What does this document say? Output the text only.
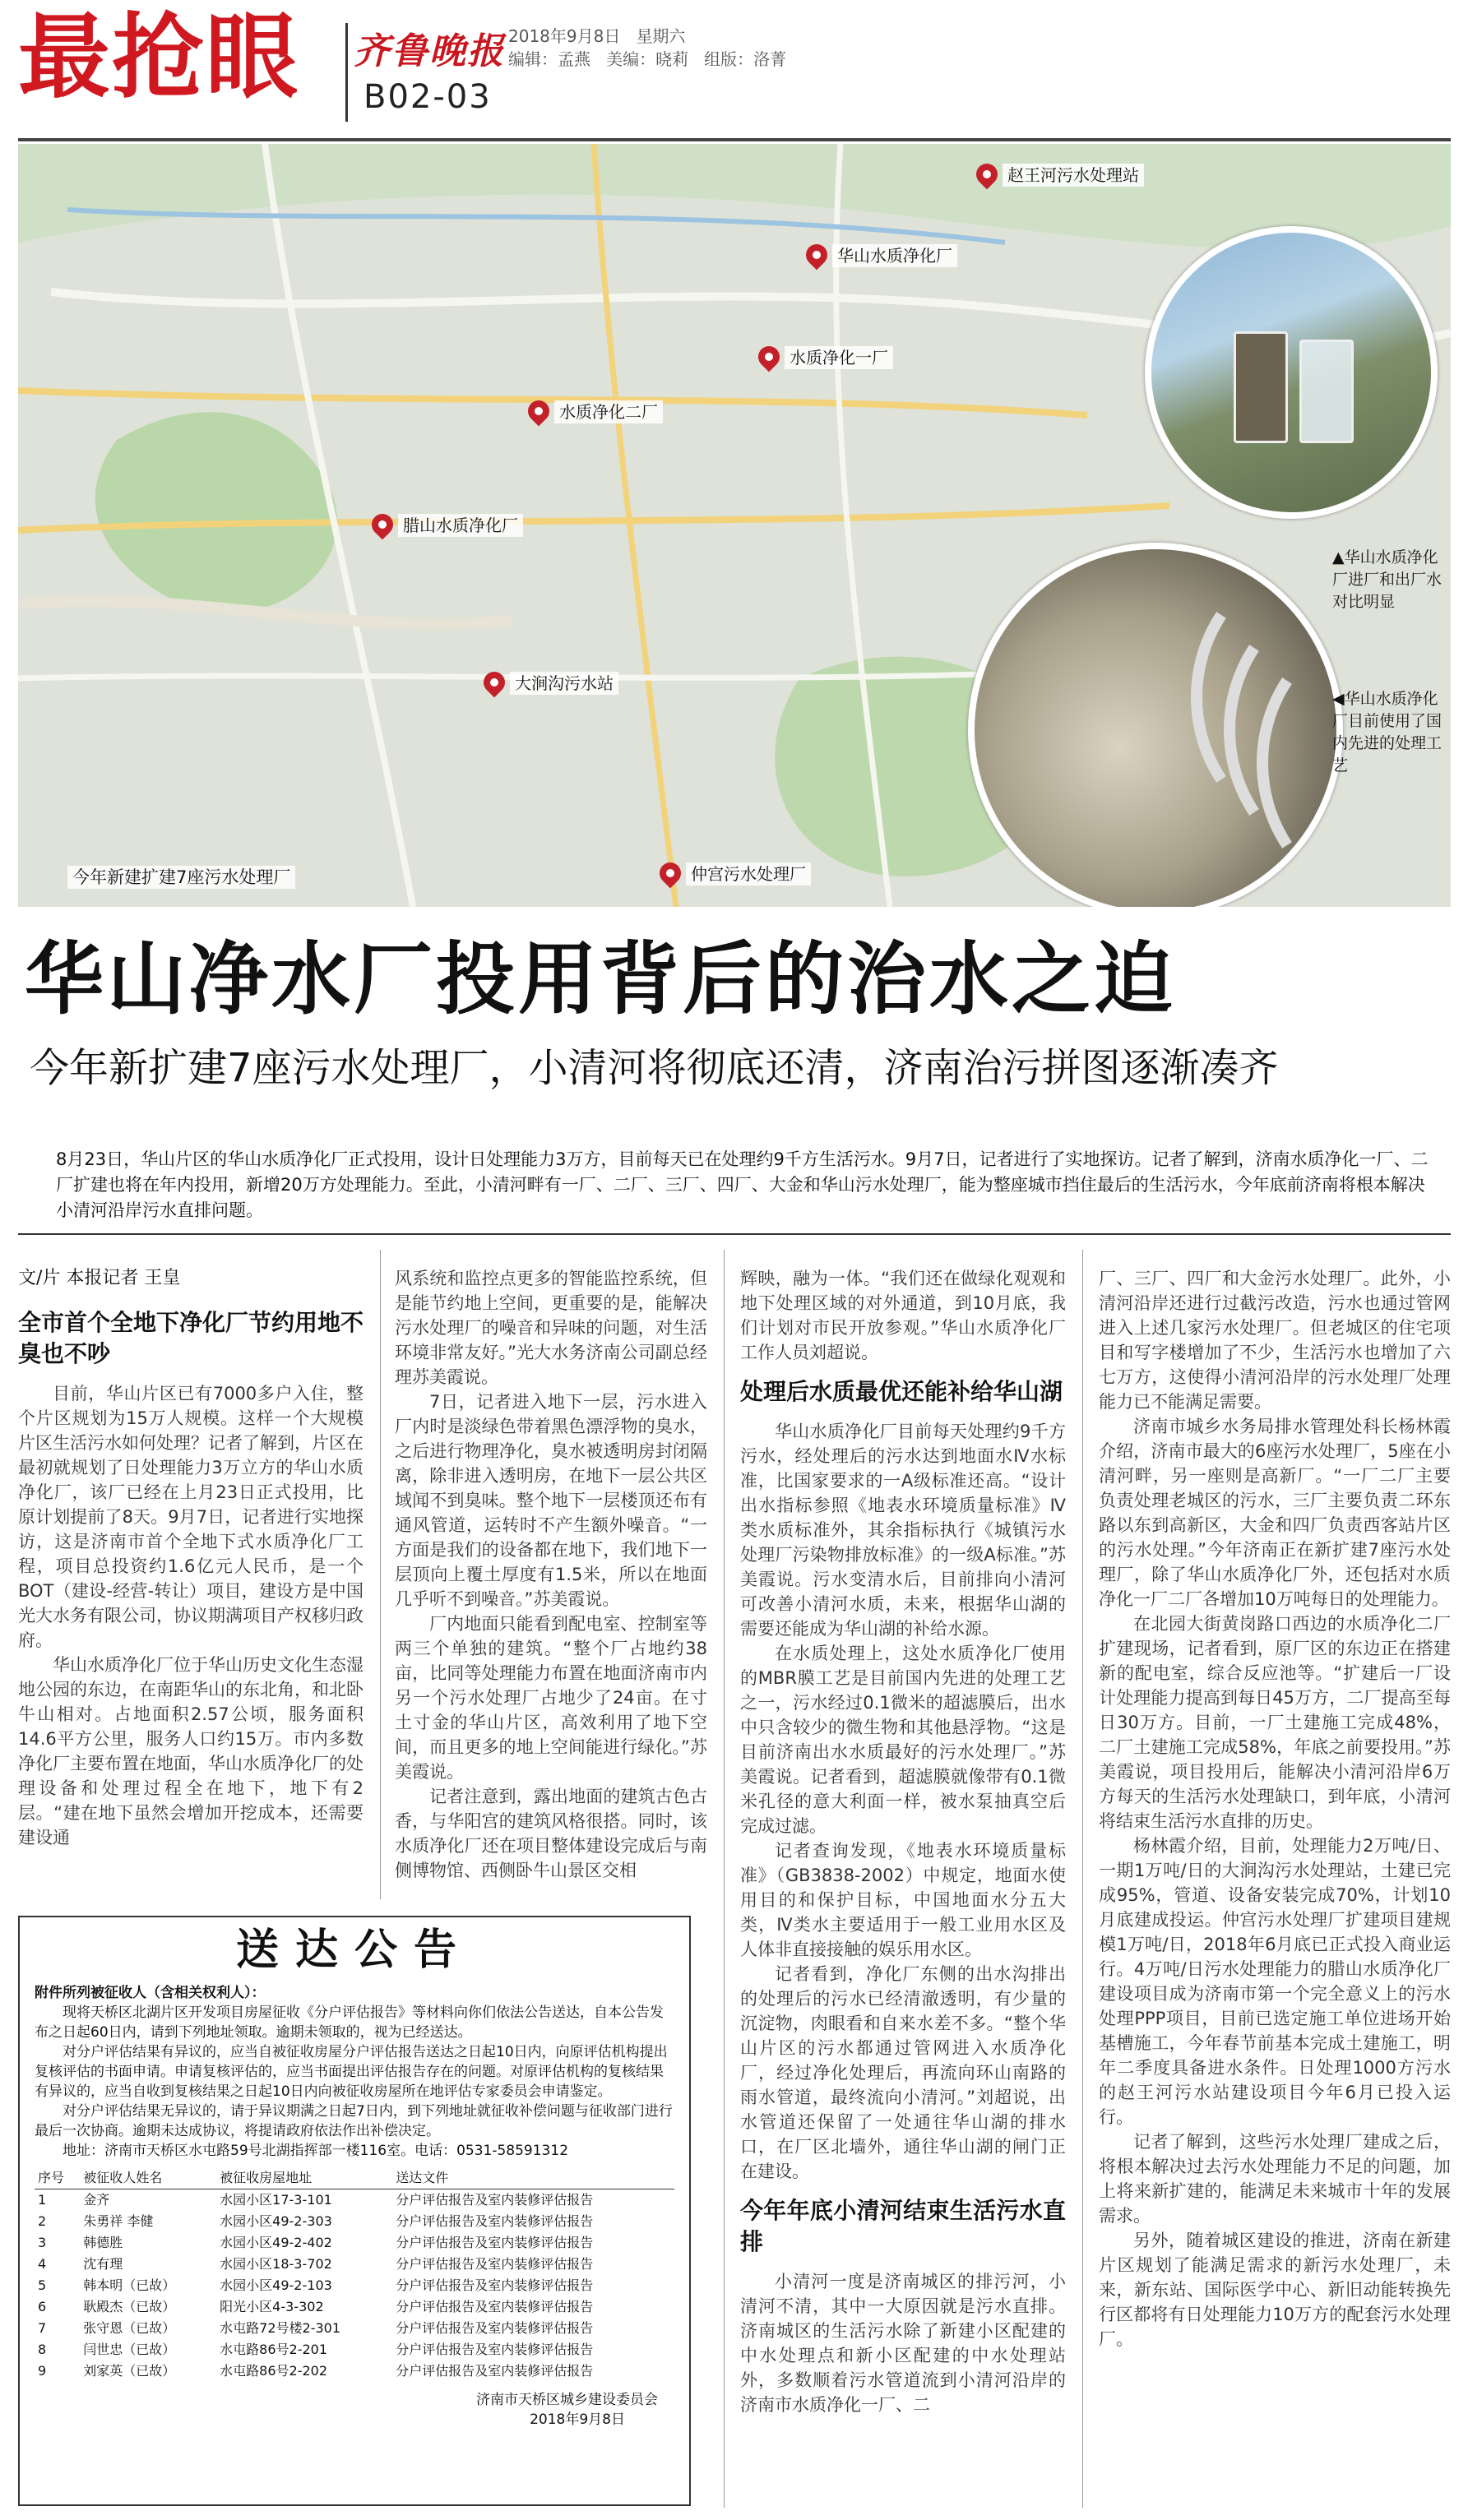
最抢眼 齐鲁晚报 2018年9月8日 星期六
编辑：孟燕 美编：晓莉 组版：洛菁
B02-03
赵王河污水处理站
华山水质净化厂
水质净化一厂
水质净化二厂
腊山水质净化厂
大涧沟污水站
仲宫污水处理厂
今年新建扩建7座污水处理厂
▲华山水质净化厂进厂和出厂水对比明显
◀华山水质净化厂目前使用了国内先进的处理工艺
华山净水厂投用背后的治水之迫
今年新扩建7座污水处理厂，小清河将彻底还清，济南治污拼图逐渐凑齐
8月23日，华山片区的华山水质净化厂正式投用，设计日处理能力3万方，目前每天已在处理约9千方生活污水。9月7日，记者进行了实地探访。记者了解到，济南水质净化一厂、二厂扩建也将在年内投用，新增20万方处理能力。至此，小清河畔有一厂、二厂、三厂、四厂、大金和华山污水处理厂，能为整座城市挡住最后的生活污水，今年底前济南将根本解决小清河沿岸污水直排问题。
文/片 本报记者 王皇
全市首个全地下净化厂节约用地不臭也不吵

目前，华山片区已有7000多户入住，整个片区规划为15万人规模。这样一个大规模片区生活污水如何处理？记者了解到，片区在最初就规划了日处理能力3万立方的华山水质净化厂，该厂已经在上月23日正式投用，比原计划提前了8天。9月7日，记者进行实地探访，这是济南市首个全地下式水质净化厂工程，项目总投资约1.6亿元人民币，是一个BOT（建设-经营-转让）项目，建设方是中国光大水务有限公司，协议期满项目产权移归政府。

华山水质净化厂位于华山历史文化生态湿地公园的东边，在南距华山的东北角，和北卧牛山相对。占地面积2.57公顷，服务面积14.6平方公里，服务人口约15万。市内多数净化厂主要布置在地面，华山水质净化厂的处理设备和处理过程全在地下，地下有2层。“建在地下虽然会增加开挖成本，还需要建设通

风系统和监控点更多的智能监控系统，但是能节约地上空间，更重要的是，能解决污水处理厂的噪音和异味的问题，对生活环境非常友好。”光大水务济南公司副总经理苏美霞说。

7日，记者进入地下一层，污水进入厂内时是淡绿色带着黑色漂浮物的臭水，之后进行物理净化，臭水被透明房封闭隔离，除非进入透明房，在地下一层公共区域闻不到臭味。整个地下一层楼顶还布有通风管道，运转时不产生额外噪音。“一方面是我们的设备都在地下，我们地下一层顶向上覆土厚度有1.5米，所以在地面几乎听不到噪音。”苏美霞说。

厂内地面只能看到配电室、控制室等两三个单独的建筑。“整个厂占地约38亩，比同等处理能力布置在地面济南市内另一个污水处理厂占地少了24亩。在寸土寸金的华山片区，高效利用了地下空间，而且更多的地上空间能进行绿化。”苏美霞说。

记者注意到，露出地面的建筑古色古香，与华阳宫的建筑风格很搭。同时，该水质净化厂还在项目整体建设完成后与南侧博物馆、西侧卧牛山景区交相

送达公告
附件所列被征收人（含相关权利人）：
现将天桥区北湖片区开发项目房屋征收《分户评估报告》等材料向你们依法公告送达，自本公告发布之日起60日内，请到下列地址领取。逾期未领取的，视为已经送达。
对分户评估结果有异议的，应当自被征收房屋分户评估报告送达之日起10日内，向原评估机构提出复核评估的书面申请。申请复核评估的，应当书面提出评估报告存在的问题。对原评估机构的复核结果有异议的，应当自收到复核结果之日起10日内向被征收房屋所在地评估专家委员会申请鉴定。
对分户评估结果无异议的，请于异议期满之日起7日内，到下列地址就征收补偿问题与征收部门进行最后一次协商。逾期未达成协议，将提请政府依法作出补偿决定。
地址：济南市天桥区水屯路59号北湖指挥部一楼116室。电话：0531-58591312
序号	被征收人姓名	被征收房屋地址	送达文件
1	金齐	水园小区17-3-101	分户评估报告及室内装修评估报告
2	朱勇祥 李健	水园小区49-2-303	分户评估报告及室内装修评估报告
3	韩德胜	水园小区49-2-402	分户评估报告及室内装修评估报告
4	沈有理	水园小区18-3-702	分户评估报告及室内装修评估报告
5	韩本明（已故）	水园小区49-2-103	分户评估报告及室内装修评估报告
6	耿殿杰（已故）	阳光小区4-3-302	分户评估报告及室内装修评估报告
7	张守恩（已故）	水屯路72号楼2-301	分户评估报告及室内装修评估报告
8	闫世忠（已故）	水屯路86号2-201	分户评估报告及室内装修评估报告
9	刘家英（已故）	水屯路86号2-202	分户评估报告及室内装修评估报告
济南市天桥区城乡建设委员会
2018年9月8日

辉映，融为一体。“我们还在做绿化观观和地下处理区域的对外通道，到10月底，我们计划对市民开放参观。”华山水质净化厂工作人员刘超说。

处理后水质最优还能补给华山湖

华山水质净化厂目前每天处理约9千方污水，经处理后的污水达到地面水Ⅳ水标准，比国家要求的一A级标准还高。“设计出水指标参照《地表水环境质量标准》Ⅳ类水质标准外，其余指标执行《城镇污水处理厂污染物排放标准》的一级A标准。”苏美霞说。污水变清水后，目前排向小清河可改善小清河水质，未来，根据华山湖的需要还能成为华山湖的补给水源。

在水质处理上，这处水质净化厂使用的MBR膜工艺是目前国内先进的处理工艺之一，污水经过0.1微米的超滤膜后，出水中只含较少的微生物和其他悬浮物。“这是目前济南出水水质最好的污水处理厂。”苏美霞说。记者看到，超滤膜就像带有0.1微米孔径的意大利面一样，被水泵抽真空后完成过滤。

记者查询发现，《地表水环境质量标准》（GB3838-2002）中规定，地面水使用目的和保护目标，中国地面水分五大类，Ⅳ类水主要适用于一般工业用水区及人体非直接接触的娱乐用水区。

记者看到，净化厂东侧的出水沟排出的处理后的污水已经清澈透明，有少量的沉淀物，肉眼看和自来水差不多。“整个华山片区的污水都通过管网进入水质净化厂，经过净化处理后，再流向环山南路的雨水管道，最终流向小清河。”刘超说，出水管道还保留了一处通往华山湖的排水口，在厂区北墙外，通往华山湖的闸门正在建设。

今年年底小清河结束生活污水直排

小清河一度是济南城区的排污河，小清河不清，其中一大原因就是污水直排。济南城区的生活污水除了新建小区配建的中水处理点和新小区配建的中水处理站外，多数顺着污水管道流到小清河沿岸的济南市水质净化一厂、二

厂、三厂、四厂和大金污水处理厂。此外，小清河沿岸还进行过截污改造，污水也通过管网进入上述几家污水处理厂。但老城区的住宅项目和写字楼增加了不少，生活污水也增加了六七万方，这使得小清河沿岸的污水处理厂处理能力已不能满足需要。

济南市城乡水务局排水管理处科长杨林霞介绍，济南市最大的6座污水处理厂，5座在小清河畔，另一座则是高新厂。“一厂二厂主要负责处理老城区的污水，三厂主要负责二环东路以东到高新区，大金和四厂负责西客站片区的污水处理。”今年济南正在新扩建7座污水处理厂，除了华山水质净化厂外，还包括对水质净化一厂二厂各增加10万吨每日的处理能力。

在北园大街黄岗路口西边的水质净化二厂扩建现场，记者看到，原厂区的东边正在搭建新的配电室，综合反应池等。“扩建后一厂设计处理能力提高到每日45万方，二厂提高至每日30万方。目前，一厂土建施工完成48%，二厂土建施工完成58%，年底之前要投用。”苏美霞说，项目投用后，能解决小清河沿岸6万方每天的生活污水处理缺口，到年底，小清河将结束生活污水直排的历史。

杨林霞介绍，目前，处理能力2万吨/日、一期1万吨/日的大涧沟污水处理站，土建已完成95%，管道、设备安装完成70%，计划10月底建成投运。仲宫污水处理厂扩建项目建规模1万吨/日，2018年6月底已正式投入商业运行。4万吨/日污水处理能力的腊山水质净化厂建设项目成为济南市第一个完全意义上的污水处理PPP项目，目前已选定施工单位进场开始基槽施工，今年春节前基本完成土建施工，明年二季度具备进水条件。日处理1000方污水的赵王河污水站建设项目今年6月已投入运行。

记者了解到，这些污水处理厂建成之后，将根本解决过去污水处理能力不足的问题，加上将来新扩建的，能满足未来城市十年的发展需求。

另外，随着城区建设的推进，济南在新建片区规划了能满足需求的新污水处理厂，未来，新东站、国际医学中心、新旧动能转换先行区都将有日处理能力10万方的配套污水处理厂。
